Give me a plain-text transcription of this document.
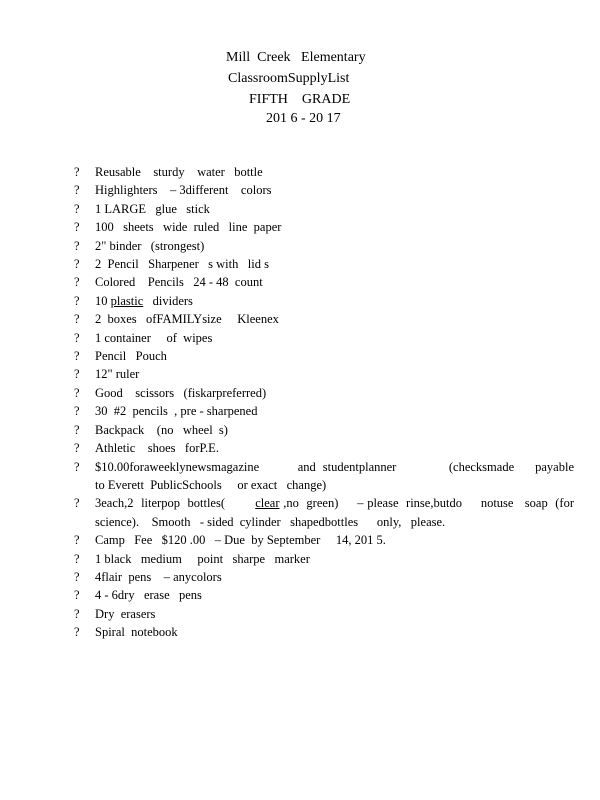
Mill  Creek   Elementary
ClassroomSupplyList
FIFTH    GRADE
201 6 - 20 17
?	Reusable    sturdy    water   bottle
?	Highlighters    – 3different    colors
?	1 LARGE   glue   stick
?	100   sheets   wide  ruled   line  paper
?	2" binder   (strongest)
?	2  Pencil   Sharpener   s with   lid s
?	Colored    Pencils   24 - 48  count
?	10 plastic   dividers
?	2  boxes   ofFAMILYsize     Kleenex
?	1 container     of  wipes
?	Pencil   Pouch
?	12" ruler
?	Good    scissors   (fiskarpreferred)
?	30  #2  pencils  , pre - sharpened
?	Backpack    (no   wheel  s)
?	Athletic    shoes   forP.E.
?	$10.00foraweeklynewsmagazine           and  studentplanner               (checksmade      payable   to Everett  PublicSchools     or exact   change)
?	3each,2  literpop  bottles(        clear ,no  green)     – please  rinse,butdo     notuse   soap  (for science).    Smooth   - sided  cylinder   shapedbottles      only,   please.
?	Camp   Fee   $120 .00   – Due  by September     14, 201 5.
?	1 black   medium     point   sharpe   marker
?	4flair  pens    – anycolors
?	4 - 6dry   erase   pens
?	Dry  erasers
?	Spiral  notebook
